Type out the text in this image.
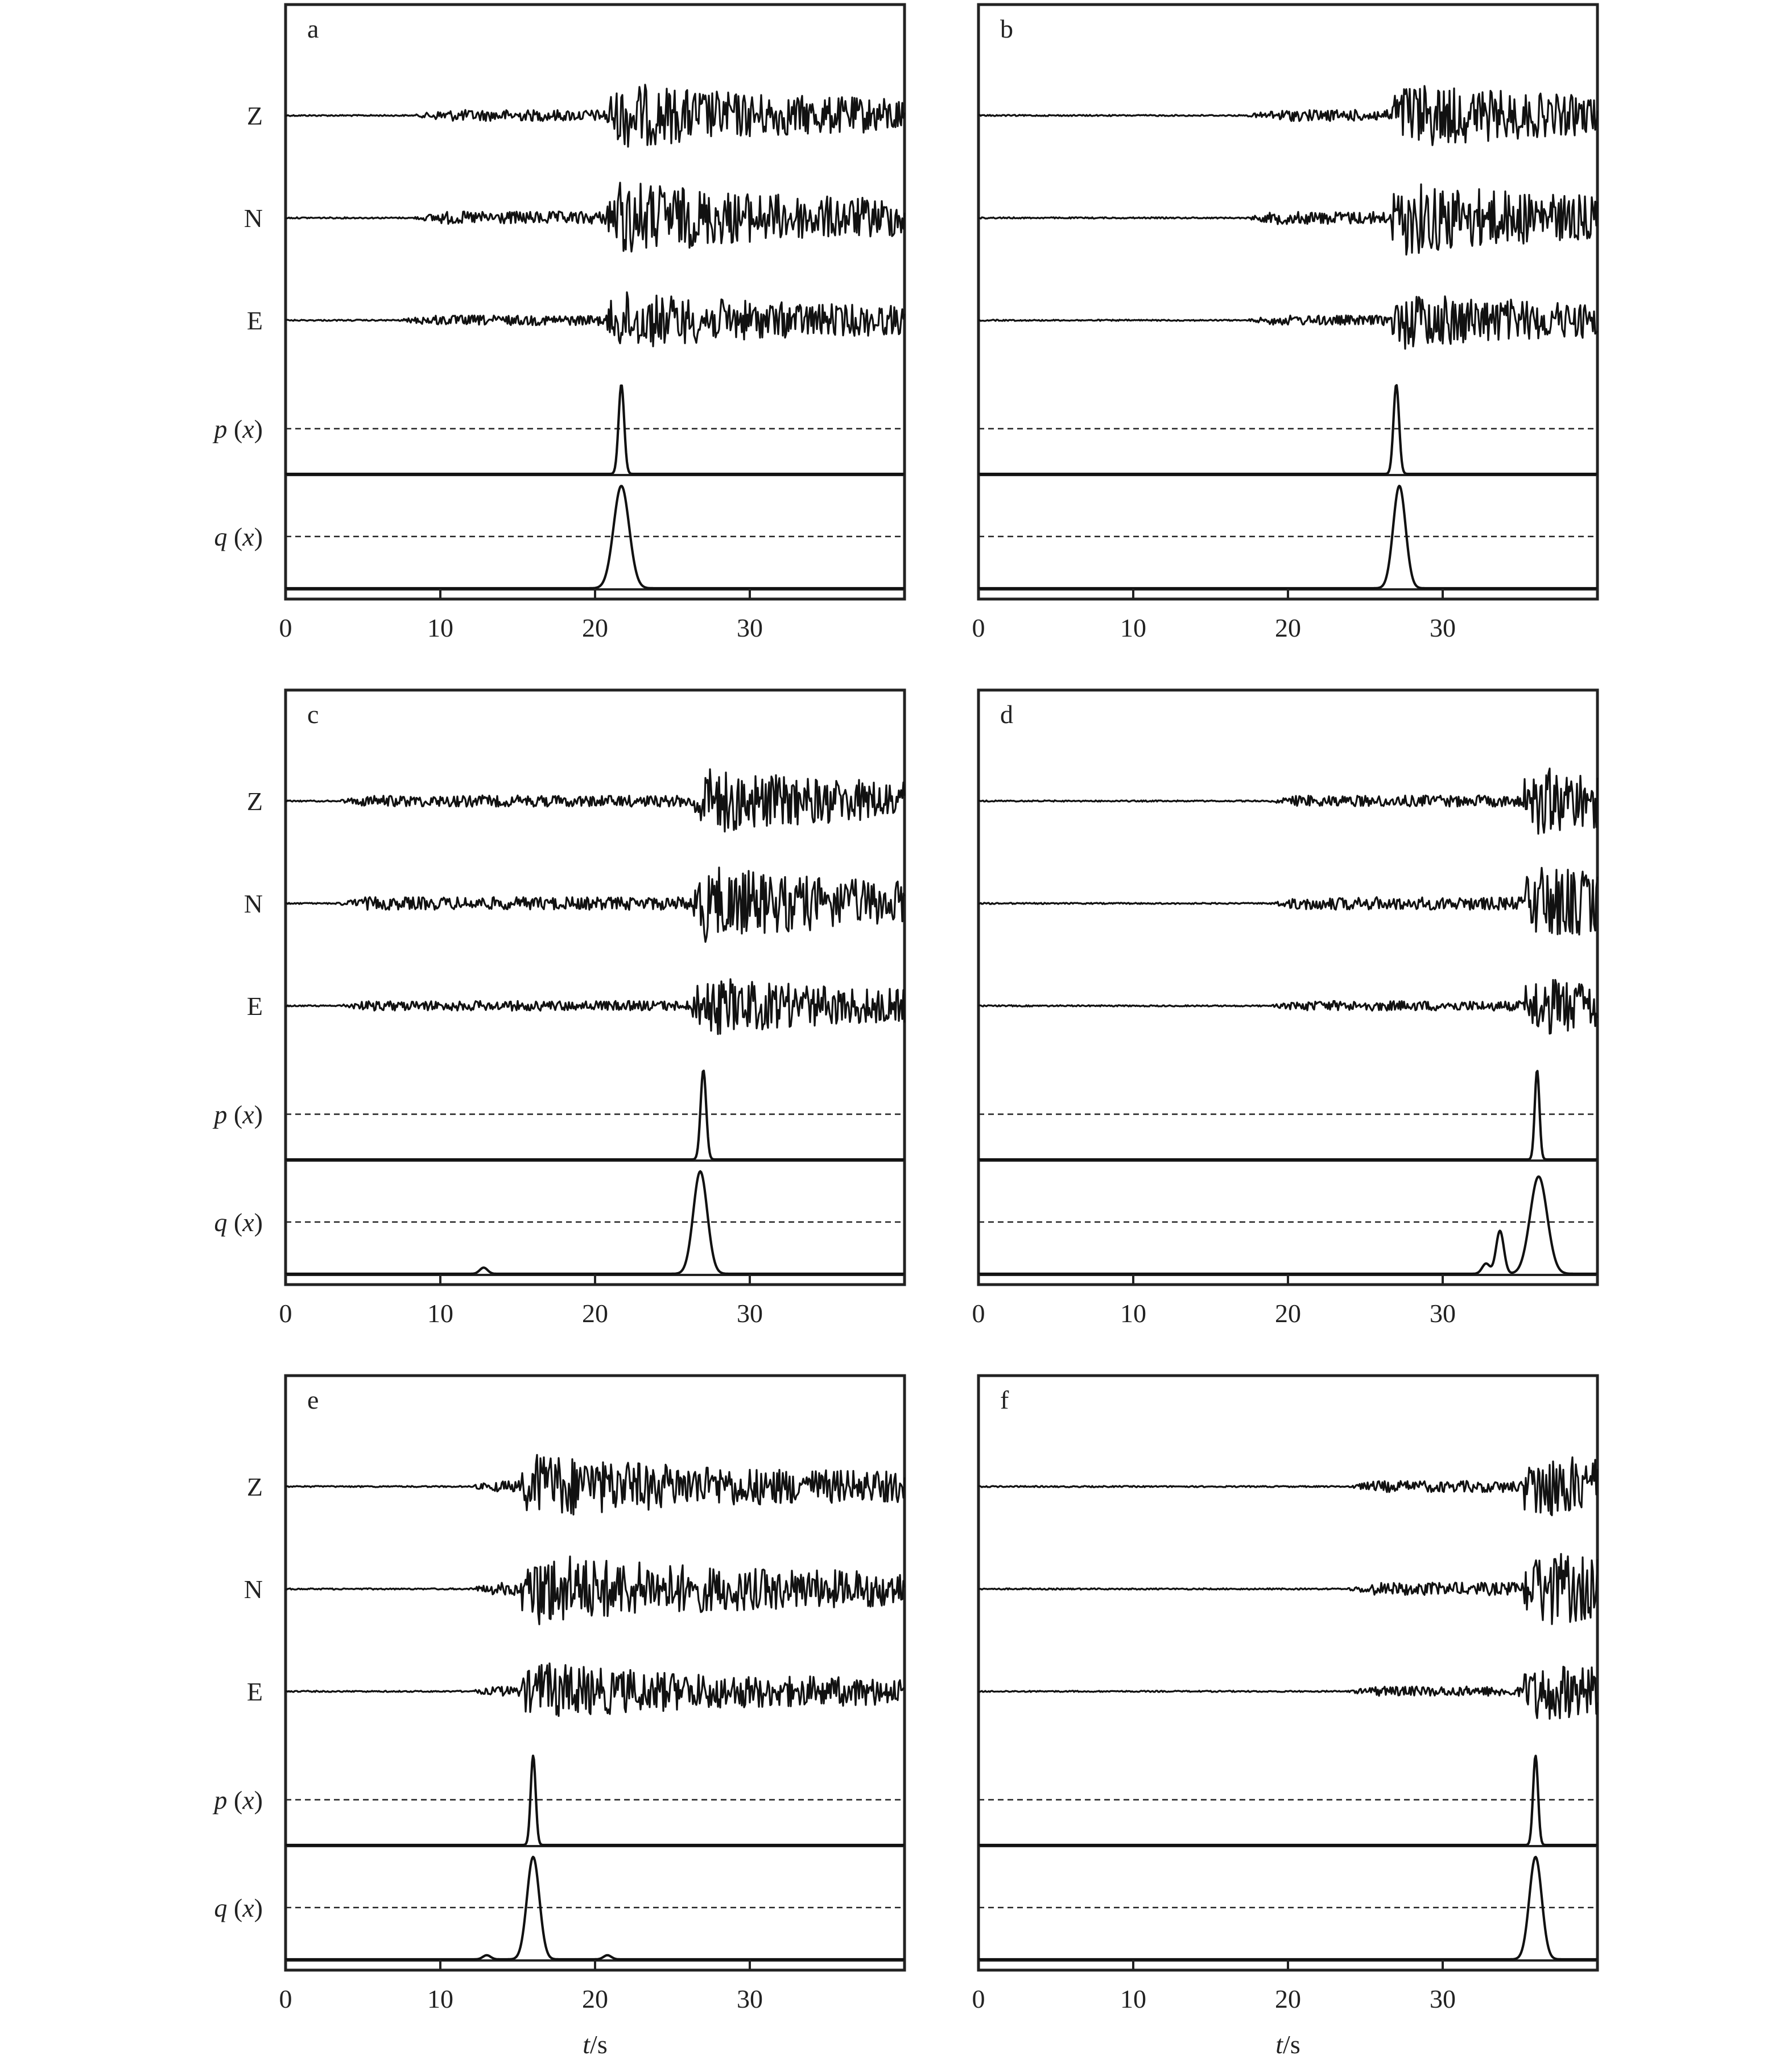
a
Z
N
E
p (x)
q (x)
0	10	20	30
b
0	10	20	30
c
Z
N
E
p (x)
q (x)
0	10	20	30
d
0	10	20	30
e
Z
N
E
p (x)
q (x)
0	10	20	30
t/s
f
0	10	20	30
t/s
